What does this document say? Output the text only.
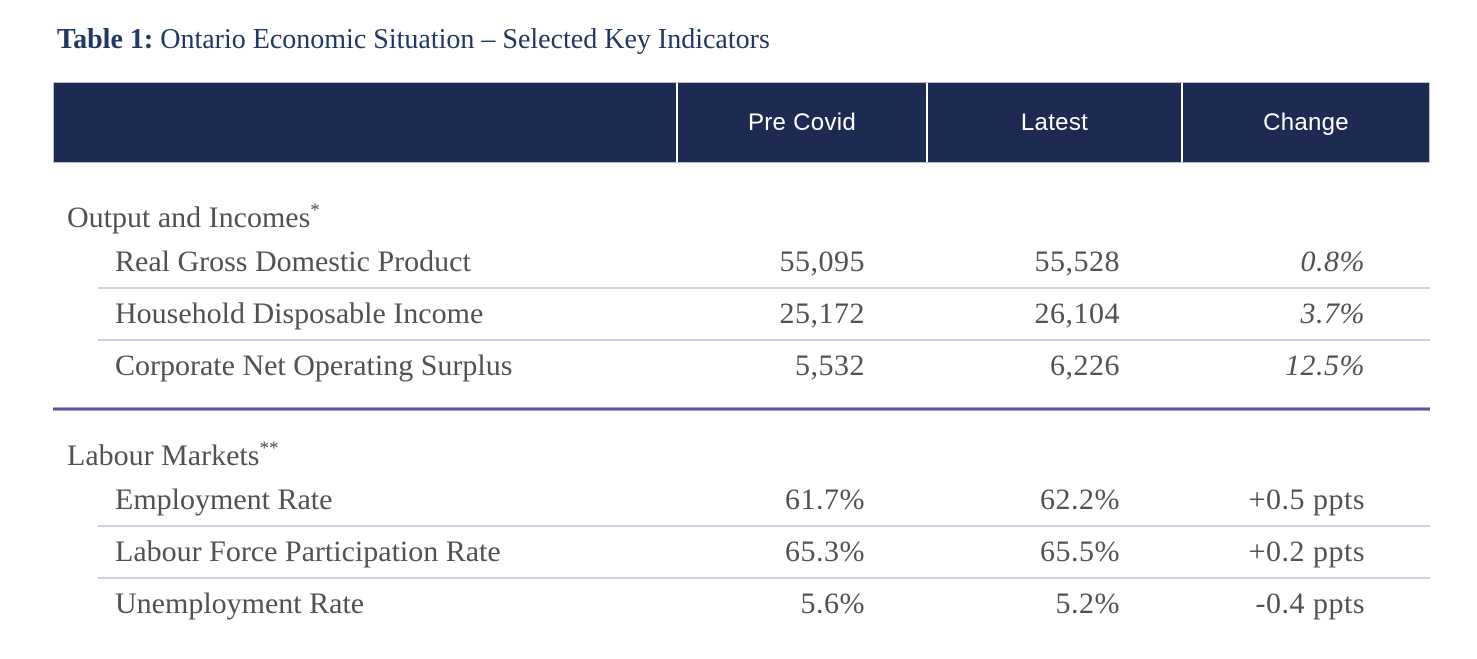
Table 1: Ontario Economic Situation – Selected Key Indicators
Pre Covid	Latest	Change
Output and Incomes*
Real Gross Domestic Product	55,095	55,528	0.8%
Household Disposable Income	25,172	26,104	3.7%
Corporate Net Operating Surplus	5,532	6,226	12.5%
Labour Markets**
Employment Rate	61.7%	62.2%	+0.5 ppts
Labour Force Participation Rate	65.3%	65.5%	+0.2 ppts
Unemployment Rate	5.6%	5.2%	-0.4 ppts
